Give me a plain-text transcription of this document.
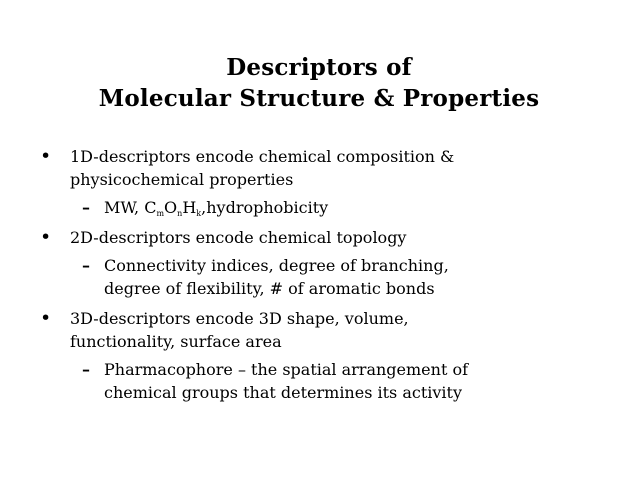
Descriptors of
Molecular Structure & Properties
• 1D-descriptors encode chemical composition &
physicochemical properties
– MW, $C_mO_nH_k,hydrophobicity$
• 2D-descriptors encode chemical topology
– Connectivity indices, degree of branching,
degree of flexibility, # of aromatic bonds
• 3D-descriptors encode 3D shape, volume,
functionality, surface area
– Pharmacophore – the spatial arrangement of
chemical groups that determines its activity
